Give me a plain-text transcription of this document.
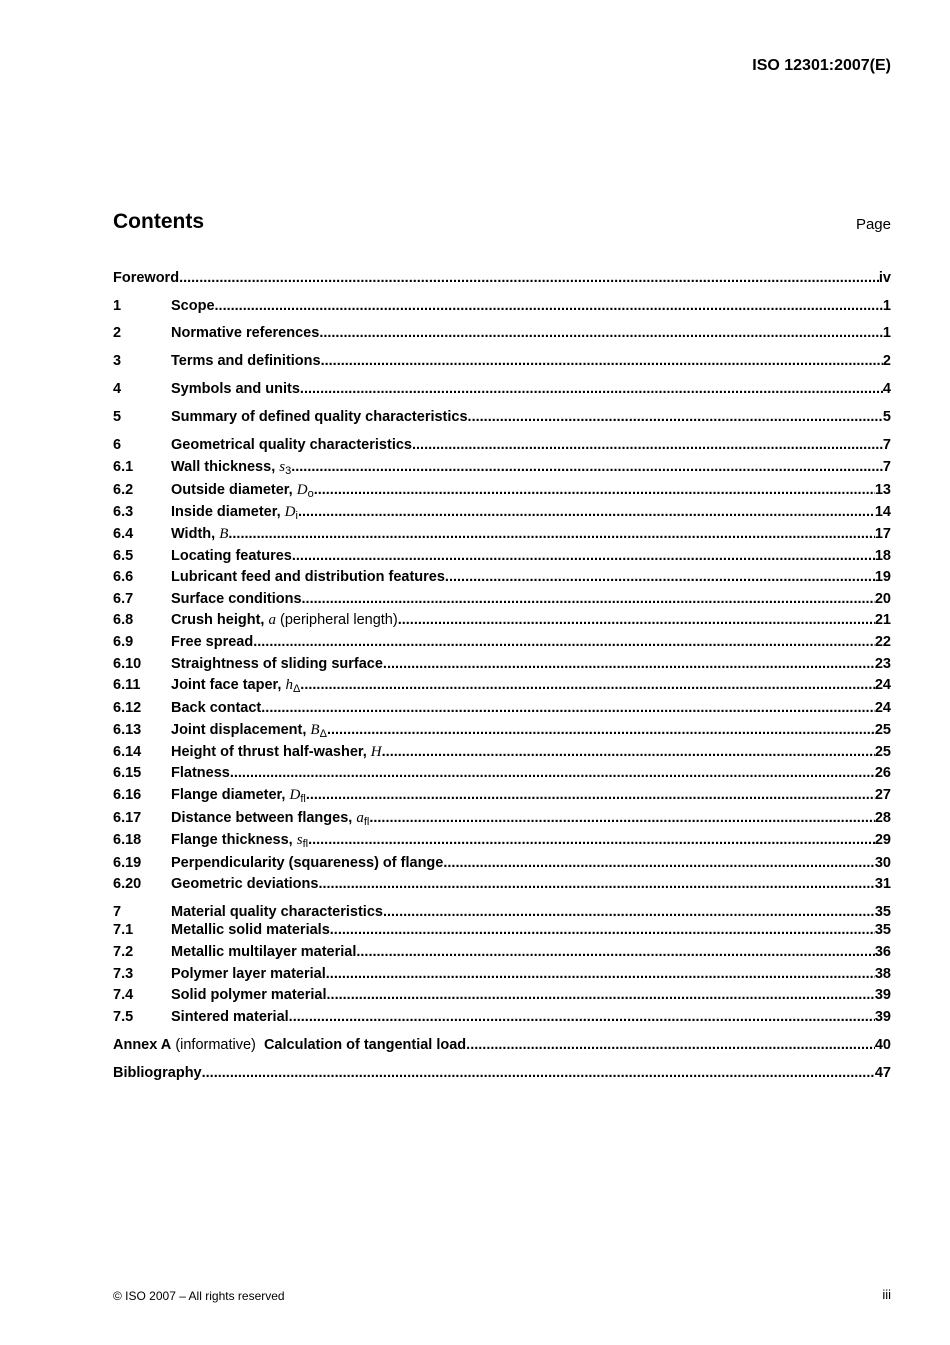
ISO 12301:2007(E)
Contents	Page
Foreword .....	iv
1	Scope .....	1
2	Normative references .....	1
3	Terms and definitions .....	2
4	Symbols and units .....	4
5	Summary of defined quality characteristics .....	5
6	Geometrical quality characteristics .....	7
6.1	Wall thickness, $s_3$ .....	7
6.2	Outside diameter, $D_o$ .....	13
6.3	Inside diameter, $D_i$ .....	14
6.4	Width, B .....	17
6.5	Locating features .....	18
6.6	Lubricant feed and distribution features .....	19
6.7	Surface conditions .....	20
6.8	Crush height, a (peripheral length) .....	21
6.9	Free spread .....	22
6.10	Straightness of sliding surface .....	23
6.11	Joint face taper, $h_\Delta$ .....	24
6.12	Back contact .....	24
6.13	Joint displacement, $B_\Delta$ .....	25
6.14	Height of thrust half-washer, H .....	25
6.15	Flatness .....	26
6.16	Flange diameter, $D_{fl}$ .....	27
6.17	Distance between flanges, $a_{fl}$ .....	28
6.18	Flange thickness, $s_{fl}$ .....	29
6.19	Perpendicularity (squareness) of flange .....	30
6.20	Geometric deviations .....	31
7	Material quality characteristics .....	35
7.1	Metallic solid materials .....	35
7.2	Metallic multilayer material .....	36
7.3	Polymer layer material .....	38
7.4	Solid polymer material .....	39
7.5	Sintered material .....	39
Annex A (informative) Calculation of tangential load .....	40
Bibliography .....	47
© ISO 2007 – All rights reserved	iii
